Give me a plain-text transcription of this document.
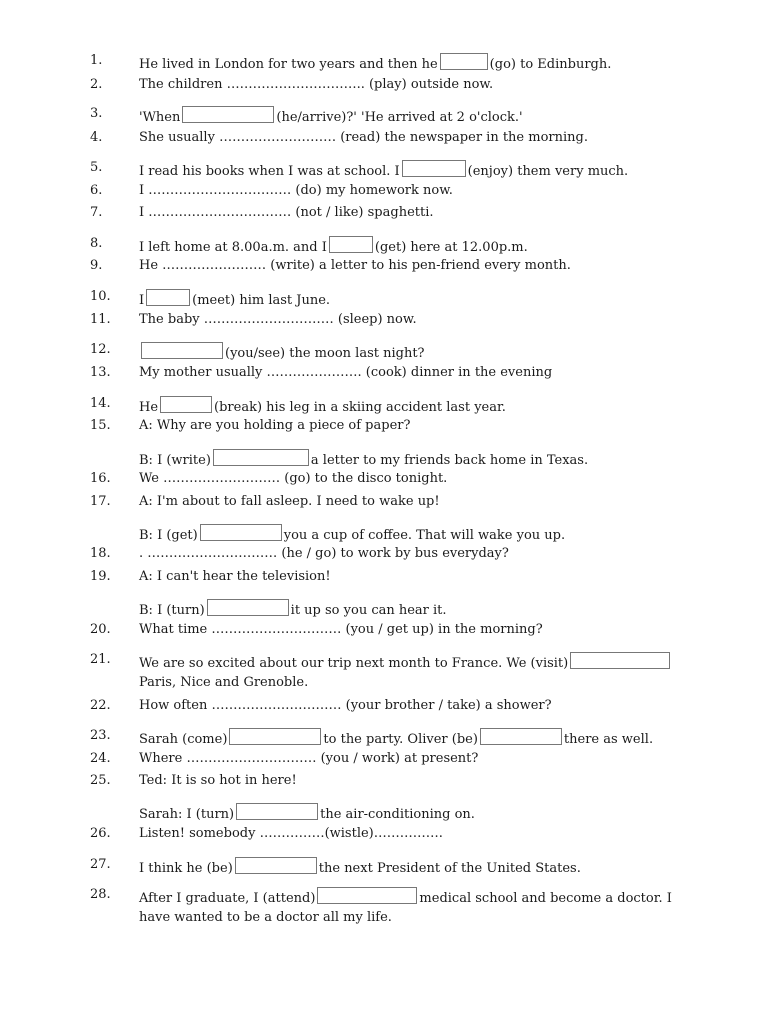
1.	He lived in London for two years and then he	(go) to Edinburgh.
2.	The children ………………………….. (play) outside now.
3.	'When	(he/arrive)?' 'He arrived at 2 o'clock.'
4.	She usually ……………………… (read) the newspaper in the morning.
5.	I read his books when I was at school. I	(enjoy) them very much.
6.	I …………………………… (do) my homework now.
7.	I …………………………… (not / like) spaghetti.
8.	I left home at 8.00a.m. and I	(get) here at 12.00p.m.
9.	He …………………… (write) a letter to his pen-friend every month.
10. I	(meet) him last June.
11. The baby ………………………… (sleep) now.
12.	(you/see) the moon last night?
13. My mother usually …………………. (cook) dinner in the evening
14. He	(break) his leg in a skiing accident last year.
15. A: Why are you holding a piece of paper?
B: I (write)	a letter to my friends back home in Texas.
16. We ……………………… (go) to the disco tonight.
17. A: I'm about to fall asleep. I need to wake up!
B: I (get)	you a cup of coffee. That will wake you up.
18. . ………………………… (he / go) to work by bus everyday?
19. A: I can't hear the television!
B: I (turn)	it up so you can hear it.
20. What time ………………………… (you / get up) in the morning?
21. We are so excited about our trip next month to France. We (visit)
Paris, Nice and Grenoble.
22. How often ………………………… (your brother / take) a shower?
23. Sarah (come)	to the party. Oliver (be)	there as well.
24. Where ………………………… (you / work) at present?
25. Ted: It is so hot in here!
Sarah: I (turn)	the air-conditioning on.
26. Listen! somebody ……………(wistle)…………….
27. I think he (be)	the next President of the United States.
28. After I graduate, I (attend)	medical school and become a doctor. I
have wanted to be a doctor all my life.
